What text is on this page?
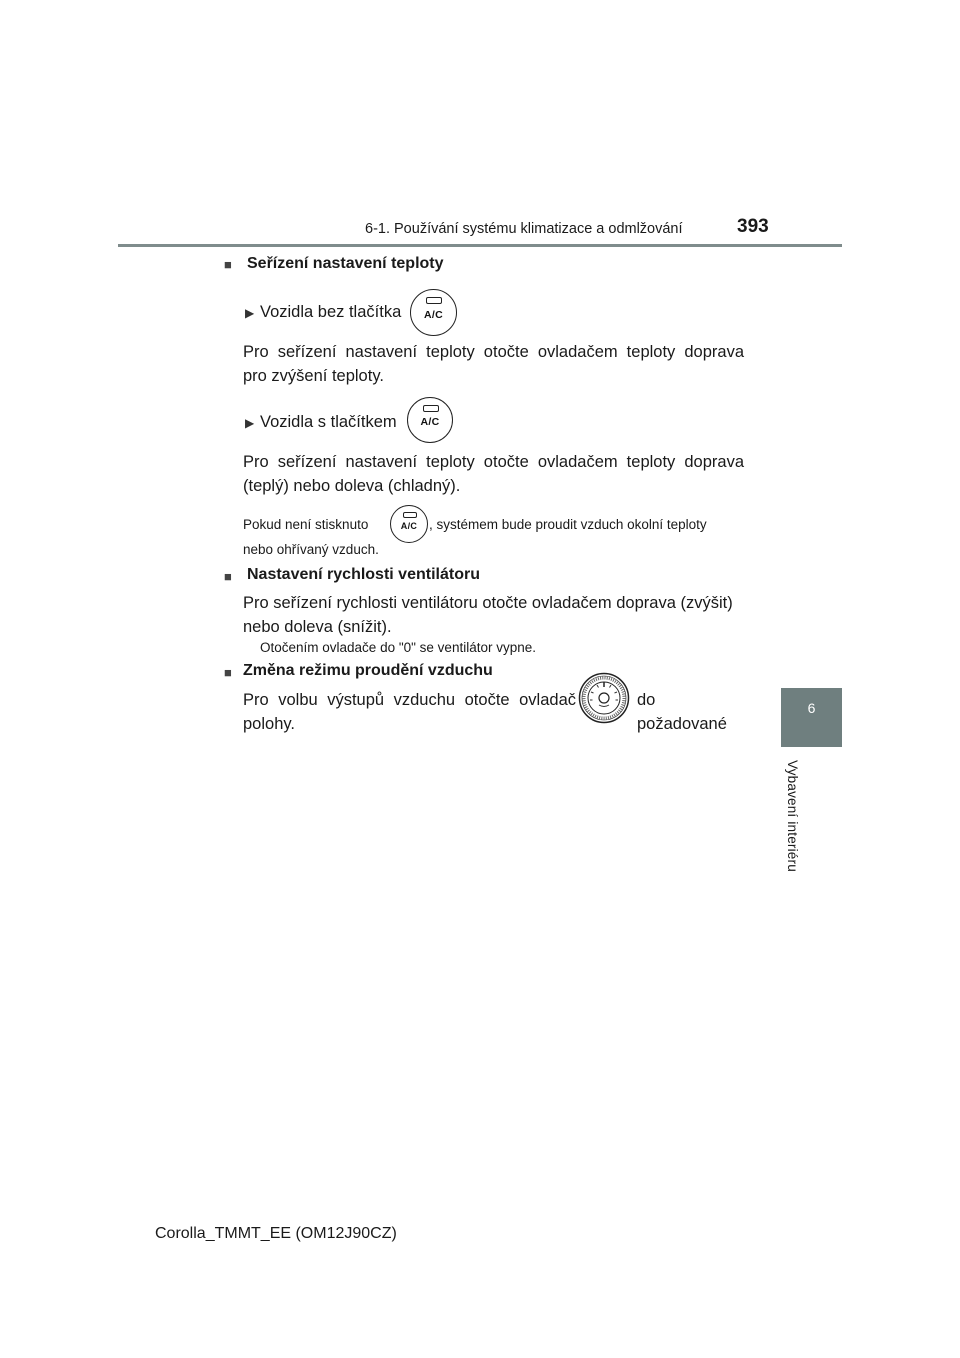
6-1. Používání systému klimatizace a odmlžování	393
6
Vybavení interiéru
■ Seřízení nastavení teploty
▶ Vozidla bez tlačítka A/C
Pro seřízení nastavení teploty otočte ovladačem teploty doprava
pro zvýšení teploty.
▶ Vozidla s tlačítkem A/C
Pro seřízení nastavení teploty otočte ovladačem teploty doprava
(teplý) nebo doleva (chladný).
Pokud není stisknuto	A/C , systémem bude proudit vzduch okolní teploty
nebo ohřívaný vzduch.
■ Nastavení rychlosti ventilátoru
Pro seřízení rychlosti ventilátoru otočte ovladačem doprava (zvýšit)
nebo doleva (snížit).
Otočením ovladače do "0" se ventilátor vypne.
■ Změna režimu proudění vzduchu
Pro volbu výstupů vzduchu otočte ovladač	do požadované
polohy.
Corolla_TMMT_EE (OM12J90CZ)
